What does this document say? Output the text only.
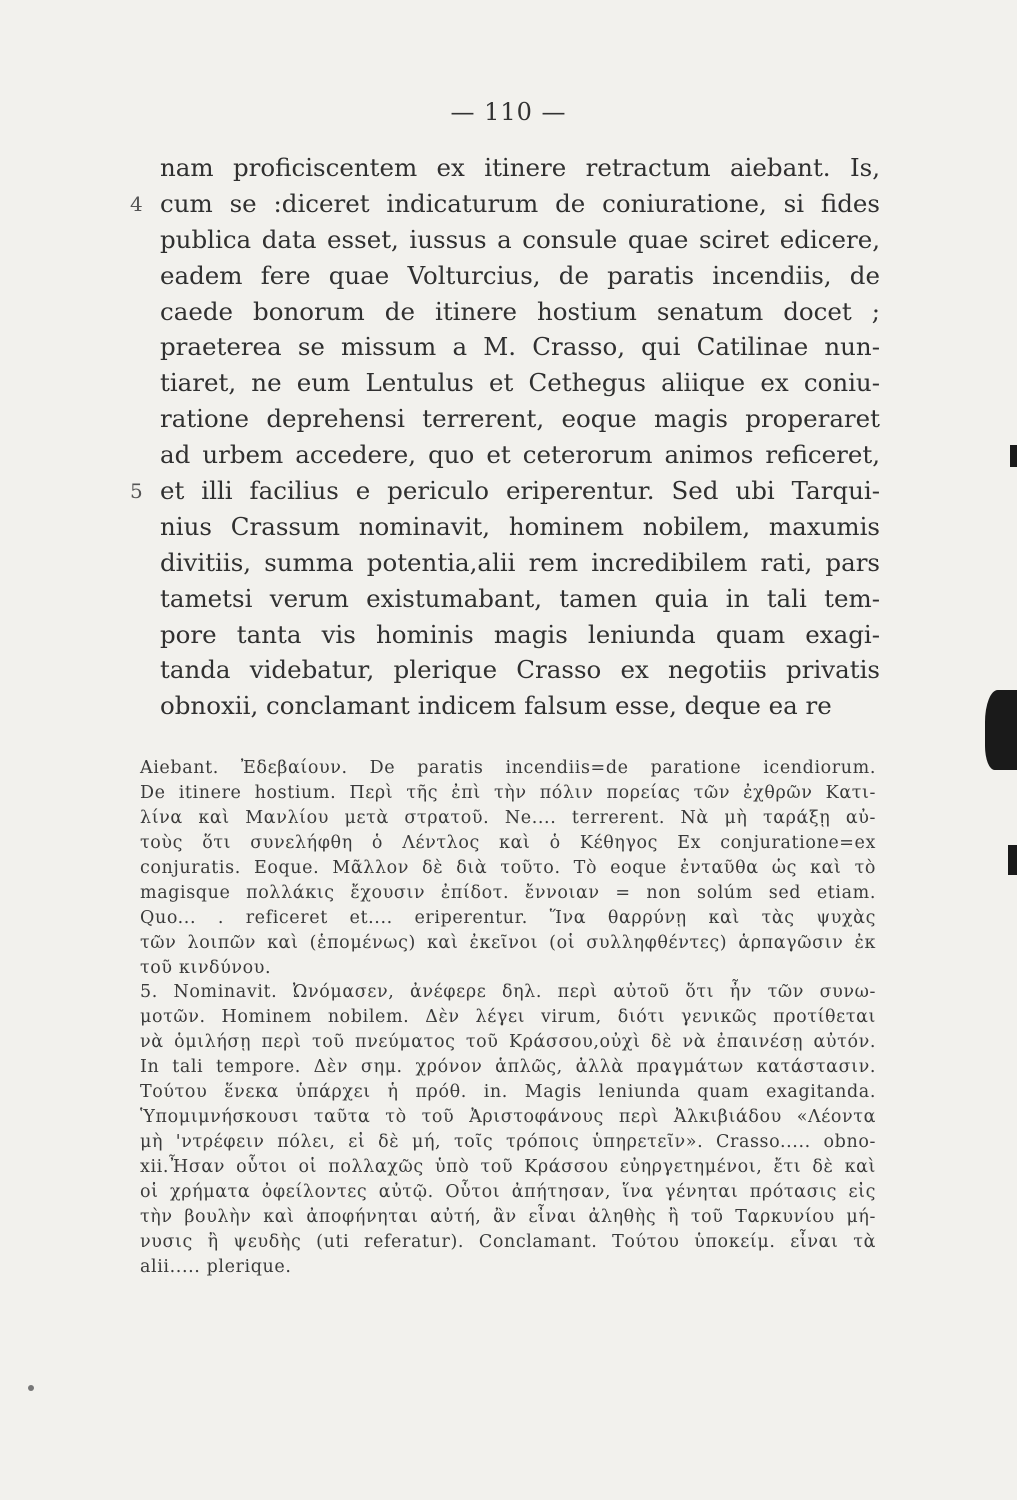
— 110 —
nam proficiscentem ex itinere retractum aiebant. Is,
cum se :diceret indicaturum de coniuratione, si fides
publica data esset, iussus a consule quae sciret edicere,
eadem fere quae Volturcius, de paratis incendiis, de
caede bonorum de itinere hostium senatum docet ;
praeterea se missum a M. Crasso, qui Catilinae nun-
tiaret, ne eum Lentulus et Cethegus aliique ex coniu-
ratione deprehensi terrerent, eoque magis properaret
ad urbem accedere, quo et ceterorum animos reficeret,
et illi facilius e periculo eriperentur. Sed ubi Tarqui-
nius Crassum nominavit, hominem nobilem, maxumis
divitiis, summa potentia,alii rem incredibilem rati, pars
tametsi verum existumabant, tamen quia in tali tem-
pore tanta vis hominis magis leniunda quam exagi-
tanda videbatur, plerique Crasso ex negotiis privatis
obnoxii, conclamant indicem falsum esse, deque ea re
4
5
Aiebant. Ἐδεβαίουν. De paratis incendiis=de paratione icendiorum.
De itinere hostium. Περὶ τῆς ἐπὶ τὴν πόλιν πορείας τῶν ἐχθρῶν Κατι-
λίνα καὶ Μανλίου μετὰ στρατοῦ. Ne.... terrerent. Νὰ μὴ ταράξῃ αὐ-
τοὺς ὅτι συνελήφθη ὁ Λέντλος καὶ ὁ Κέθηγος Ex conjuratione=ex
conjuratis. Eoque. Μᾶλλον δὲ διὰ τοῦτο. Τὸ eoque ἐνταῦθα ὡς καὶ τὸ
magisque πολλάκις ἔχουσιν ἐπίδοτ. ἔννοιαν = non solúm sed etiam.
Quo... . reficeret et.... eriperentur. Ἵνα θαρρύνῃ καὶ τὰς ψυχὰς
τῶν λοιπῶν καὶ (ἑπομένως) καὶ ἐκεῖνοι (οἱ συλληφθέντες) ἁρπαγῶσιν ἐκ
τοῦ κινδύνου.
5. Nominavit. Ὠνόμασεν, ἀνέφερε δηλ. περὶ αὐτοῦ ὅτι ἦν τῶν συνω-
μοτῶν. Hominem nobilem. Δὲν λέγει virum, διότι γενικῶς προτίθεται
νὰ ὁμιλήσῃ περὶ τοῦ πνεύματος τοῦ Κράσσου,οὐχὶ δὲ νὰ ἐπαινέσῃ αὐτόν.
In tali tempore. Δὲν σημ. χρόνον ἁπλῶς, ἀλλὰ πραγμάτων κατάστασιν.
Τούτου ἕνεκα ὑπάρχει ἡ πρόθ. in. Magis leniunda quam exagitanda.
Ὑπομιμνήσκουσι ταῦτα τὸ τοῦ Ἀριστοφάνους περὶ Ἀλκιβιάδου «Λέοντα
μὴ 'ντρέφειν πόλει, εἰ δὲ μή, τοῖς τρόποις ὑπηρετεῖν». Crasso..... obno-
xii.Ἦσαν οὗτοι οἱ πολλαχῶς ὑπὸ τοῦ Κράσσου εὐηργετημένοι, ἔτι δὲ καὶ
οἱ χρήματα ὀφείλοντες αὐτῷ. Οὗτοι ἀπήτησαν, ἵνα γένηται πρότασις εἰς
τὴν βουλὴν καὶ ἀποφήνηται αὐτή, ἂν εἶναι ἀληθὴς ἢ τοῦ Ταρκυνίου μή-
νυσις ἢ ψευδὴς (uti referatur). Conclamant. Τούτου ὑποκείμ. εἶναι τὰ
alii..... plerique.
